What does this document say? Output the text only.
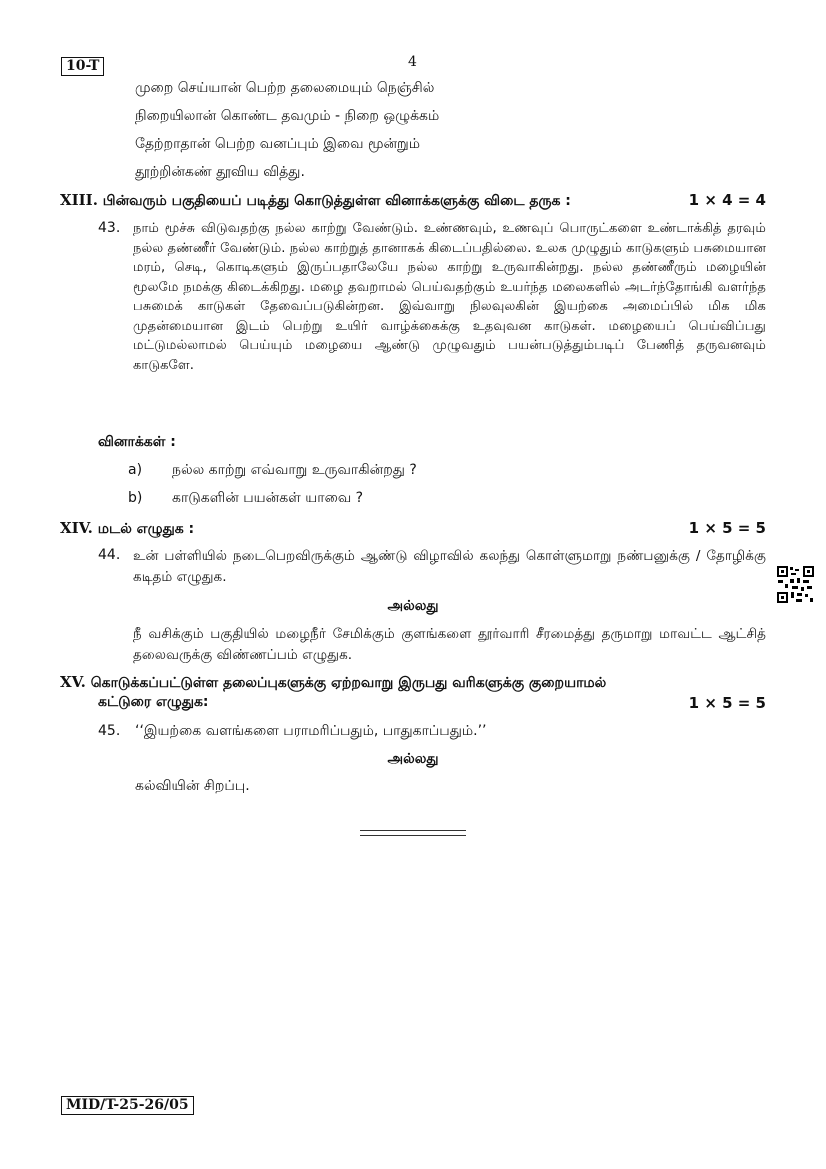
10-T	4
முறை செய்யான் பெற்ற தலைமையும் நெஞ்சில்
நிறையிலான் கொண்ட தவமும் - நிறை ஒழுக்கம்
தேற்றாதான் பெற்ற வனப்பும் இவை மூன்றும்
தூற்றின்கண் தூவிய வித்து.
XIII. பின்வரும் பகுதியைப் படித்து கொடுத்துள்ள வினாக்களுக்கு விடை தருக :	1 × 4 = 4
43. நாம் மூச்சு விடுவதற்கு நல்ல காற்று வேண்டும். உண்ணவும், உணவுப் பொருட்களை உண்டாக்கித் தரவும் நல்ல தண்ணீர் வேண்டும். நல்ல காற்றுத் தானாகக் கிடைப்பதில்லை. உலக முழுதும் காடுகளும் பசுமையான மரம், செடி, கொடிகளும் இருப்பதாலேயே நல்ல காற்று உருவாகின்றது. நல்ல தண்ணீரும் மழையின் மூலமே நமக்கு கிடைக்கிறது. மழை தவறாமல் பெய்வதற்கும் உயர்ந்த மலைகளில் அடர்ந்தோங்கி வளர்ந்த பசுமைக் காடுகள் தேவைப்படுகின்றன. இவ்வாறு நிலவுலகின் இயற்கை அமைப்பில் மிக மிக முதன்மையான இடம் பெற்று உயிர் வாழ்க்கைக்கு உதவுவன காடுகள். மழையைப் பெய்விப்பது மட்டுமல்லாமல் பெய்யும் மழையை ஆண்டு முழுவதும் பயன்படுத்தும்படிப் பேணித் தருவனவும் காடுகளே.

வினாக்கள் :
a) நல்ல காற்று எவ்வாறு உருவாகின்றது ?
b) காடுகளின் பயன்கள் யாவை ?
XIV. மடல் எழுதுக :	1 × 5 = 5
44. உன் பள்ளியில் நடைபெறவிருக்கும் ஆண்டு விழாவில் கலந்து கொள்ளுமாறு நண்பனுக்கு / தோழிக்கு கடிதம் எழுதுக.

அல்லது

நீ வசிக்கும் பகுதியில் மழைநீர் சேமிக்கும் குளங்களை தூர்வாரி சீரமைத்து தருமாறு மாவட்ட ஆட்சித் தலைவருக்கு விண்ணப்பம் எழுதுக.

XV. கொடுக்கப்பட்டுள்ள தலைப்புகளுக்கு ஏற்றவாறு இருபது வரிகளுக்கு குறையாமல்
கட்டுரை எழுதுக:	1 × 5 = 5
45. ‘‘இயற்கை வளங்களை பராமரிப்பதும், பாதுகாப்பதும்.’’
அல்லது
கல்வியின் சிறப்பு.
MID/T-25-26/05
